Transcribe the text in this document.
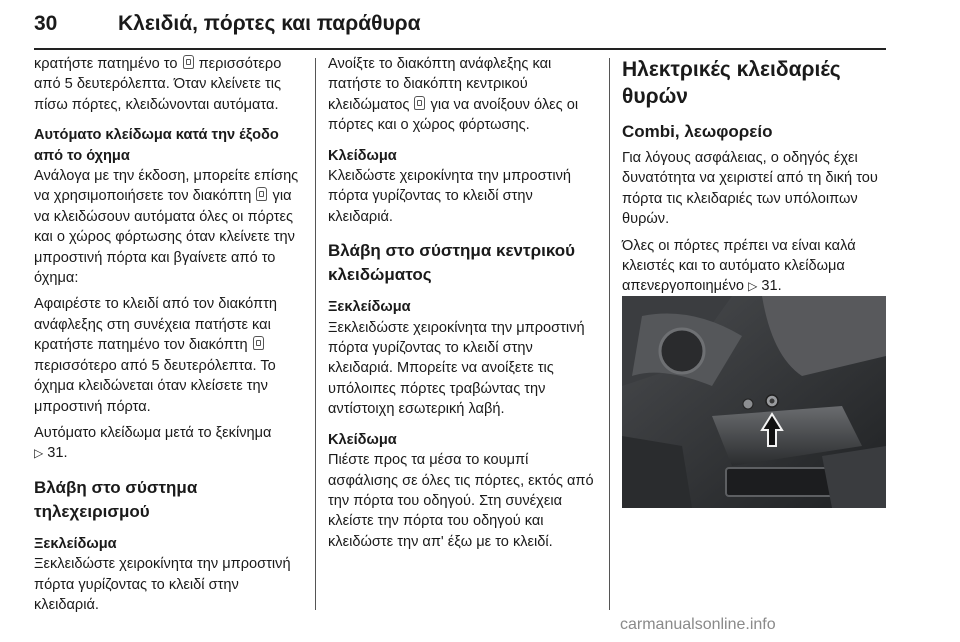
30	Κλειδιά, πόρτες και παράθυρα

κρατήστε πατημένο το  περισσότερο από 5 δευτερόλεπτα. Όταν κλείνετε τις πίσω πόρτες, κλειδώνονται αυτόματα.

Αυτόματο κλείδωμα κατά την έξοδο από το όχημα

Ανάλογα με την έκδοση, μπορείτε επίσης να χρησιμοποιήσετε τον διακόπτη  για να κλειδώσουν αυτόματα όλες οι πόρτες και ο χώρος φόρτωσης όταν κλείνετε την μπροστινή πόρτα και βγαίνετε από το όχημα:

Αφαιρέστε το κλειδί από τον διακόπτη ανάφλεξης στη συνέχεια πατήστε και κρατήστε πατημένο τον διακόπτη  περισσότερο από 5 δευτερόλεπτα. Το όχημα κλειδώνεται όταν κλείσετε την μπροστινή πόρτα.

Αυτόματο κλείδωμα μετά το ξεκίνημα
▷ 31.

Βλάβη στο σύστημα τηλεχειρισμού
Ξεκλείδωμα

Ξεκλειδώστε χειροκίνητα την μπροστινή πόρτα γυρίζοντας το κλειδί στην κλειδαριά.

Ανοίξτε το διακόπτη ανάφλεξης και πατήστε το διακόπτη κεντρικού κλειδώματος  για να ανοίξουν όλες οι πόρτες και ο χώρος φόρτωσης.

Κλείδωμα

Κλειδώστε χειροκίνητα την μπροστινή πόρτα γυρίζοντας το κλειδί στην κλειδαριά.

Βλάβη στο σύστημα κεντρικού κλειδώματος
Ξεκλείδωμα

Ξεκλειδώστε χειροκίνητα την μπροστινή πόρτα γυρίζοντας το κλειδί στην κλειδαριά. Μπορείτε να ανοίξετε τις υπόλοιπες πόρτες τραβώντας την αντίστοιχη εσωτερική λαβή.

Κλείδωμα

Πιέστε προς τα μέσα το κουμπί ασφάλισης σε όλες τις πόρτες, εκτός από την πόρτα του οδηγού. Στη συνέχεια κλείστε την πόρτα του οδηγού και κλειδώστε την απ' έξω με το κλειδί.

Ηλεκτρικές κλειδαριές θυρών
Combi, λεωφορείο

Για λόγους ασφάλειας, ο οδηγός έχει δυνατότητα να χειριστεί από τη δική του πόρτα τις κλειδαριές των υπόλοιπων θυρών.

Όλες οι πόρτες πρέπει να είναι καλά κλειστές και το αυτόματο κλείδωμα απενεργοποιημένο ▷ 31.

carmanualsonline.info
